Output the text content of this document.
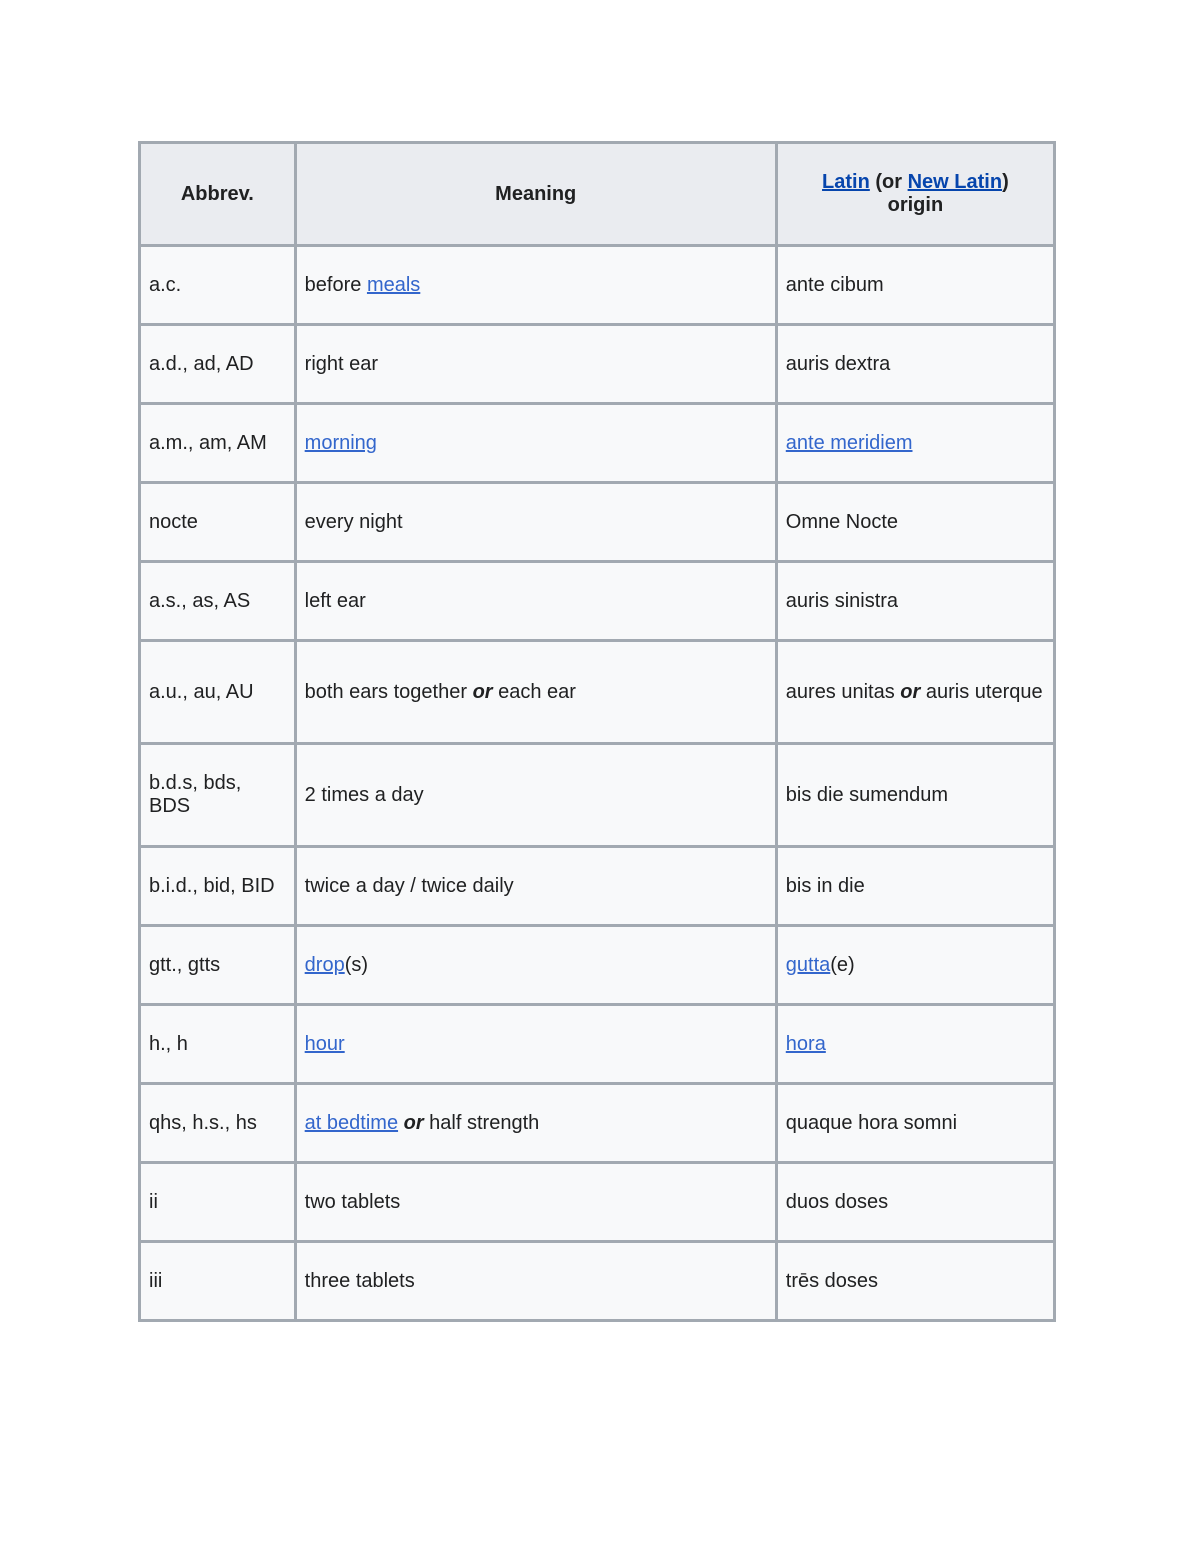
Abbrev.	Meaning	Latin (or New Latin)
origin
a.c.	before meals	ante cibum
a.d., ad, AD	right ear	auris dextra
a.m., am, AM	morning	ante meridiem
nocte	every night	Omne Nocte
a.s., as, AS	left ear	auris sinistra
a.u., au, AU	both ears together or each ear	aures unitas or auris uterque
b.d.s, bds, BDS	2 times a day	bis die sumendum
b.i.d., bid, BID	twice a day / twice daily	bis in die
gtt., gtts	drop(s)	gutta(e)
h., h	hour	hora
qhs, h.s., hs	at bedtime or half strength	quaque hora somni
ii	two tablets	duos doses
iii	three tablets	trēs doses
